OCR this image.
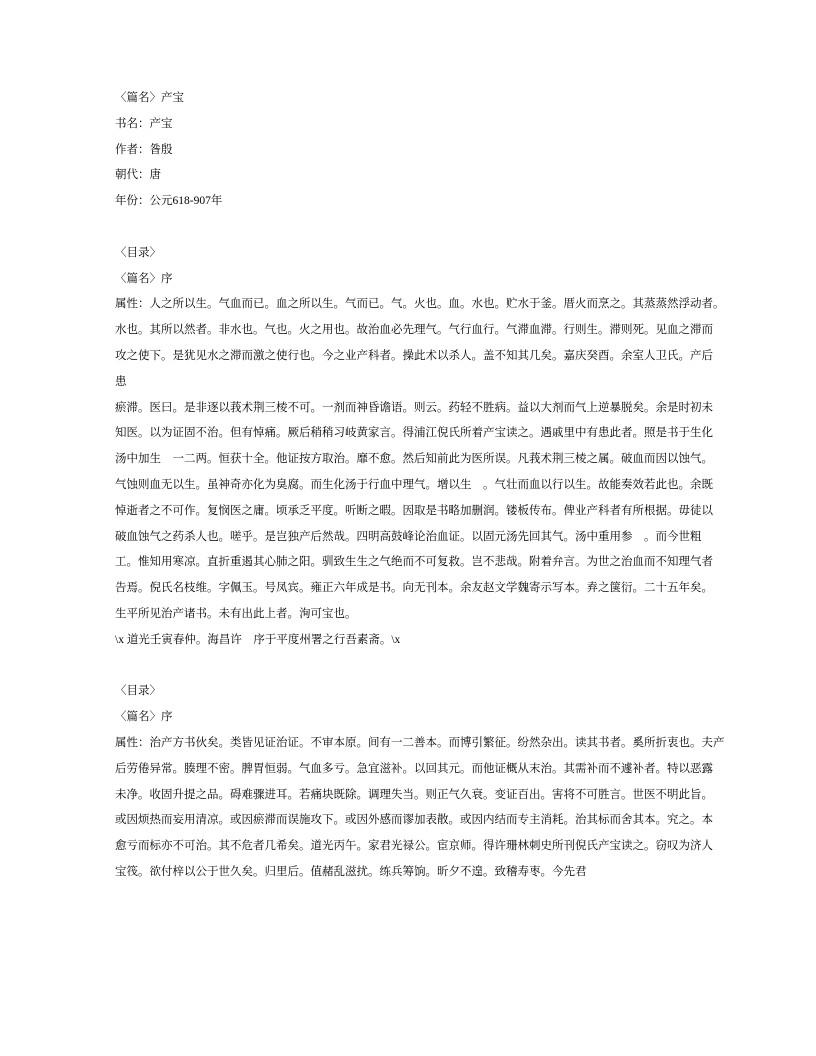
〈篇名〉产宝
书名：产宝
作者：昝殷
朝代：唐
年份：公元618-907年

〈目录〉
〈篇名〉序
属性：人之所以生。气血而已。血之所以生。气而已。气。火也。血。水也。贮水于釜。厝火而烹之。其蒸蒸然浮动者。
水也。其所以然者。非水也。气也。火之用也。故治血必先理气。气行血行。气滞血滞。行则生。滞则死。见血之滞而
攻之使下。是犹见水之滞而激之使行也。今之业产科者。操此术以杀人。盖不知其几矣。嘉庆癸酉。余室人卫氏。产后
患
瘀滞。医曰。是非逐以莪术荆三棱不可。一剂而神昏谵语。则云。药轻不胜病。益以大剂而气上逆暴脱矣。余是时初未
知医。以为证固不治。但有悼痛。厥后稍稍习岐黄家言。得浦江倪氏所着产宝读之。遇戚里中有患此者。照是书于生化
汤中加生　一二两。恒获十全。他证按方取治。靡不愈。然后知前此为医所误。凡莪术荆三棱之属。破血而因以蚀气。
气蚀则血无以生。虽神奇亦化为臭腐。而生化汤于行血中理气。增以生　。气壮而血以行以生。故能奏效若此也。余既
悼逝者之不可作。复悯医之庸。顷承乏平度。听断之暇。因取是书略加删润。镂板传布。俾业产科者有所根据。毋徒以
破血蚀气之药杀人也。嗟乎。是岂独产后然哉。四明高鼓峰论治血证。以固元汤先回其气。汤中重用参　。而今世粗
工。惟知用寒凉。直折重遏其心肺之阳。驯致生生之气绝而不可复救。岂不悲哉。附着弁言。为世之治血而不知理气者
告焉。倪氏名枝维。字佩玉。号凤宾。雍正六年成是书。向无刊本。余友赵文学魏寄示写本。弆之箧衍。二十五年矣。
生平所见治产诸书。未有出此上者。洵可宝也。
\x 道光壬寅春仲。海昌许　序于平度州署之行吾素斋。\x

〈目录〉
〈篇名〉序
属性：治产方书伙矣。类皆见证治证。不审本原。间有一二善本。而博引繁征。纷然杂出。读其书者。奚所折衷也。夫产
后劳倦异常。腠理不密。脾胃恒弱。气血多亏。急宜滋补。以回其元。而他证概从末治。其需补而不遽补者。特以恶露
未净。收固升提之品。碍难骤进耳。若痛块既除。调理失当。则正气久衰。变证百出。害将不可胜言。世医不明此旨。
或因烦热而妄用清凉。或因瘀滞而误施攻下。或因外感而谬加表散。或因内结而专主消耗。治其标而舍其本。究之。本
愈亏而标亦不可治。其不危者几希矣。道光丙午。家君光禄公。宦京师。得许珊林刺史所刊倪氏产宝读之。窃叹为济人
宝筏。欲付梓以公于世久矣。归里后。值赭乱滋扰。练兵筹饷。昕夕不遑。致稽寿枣。今先君
